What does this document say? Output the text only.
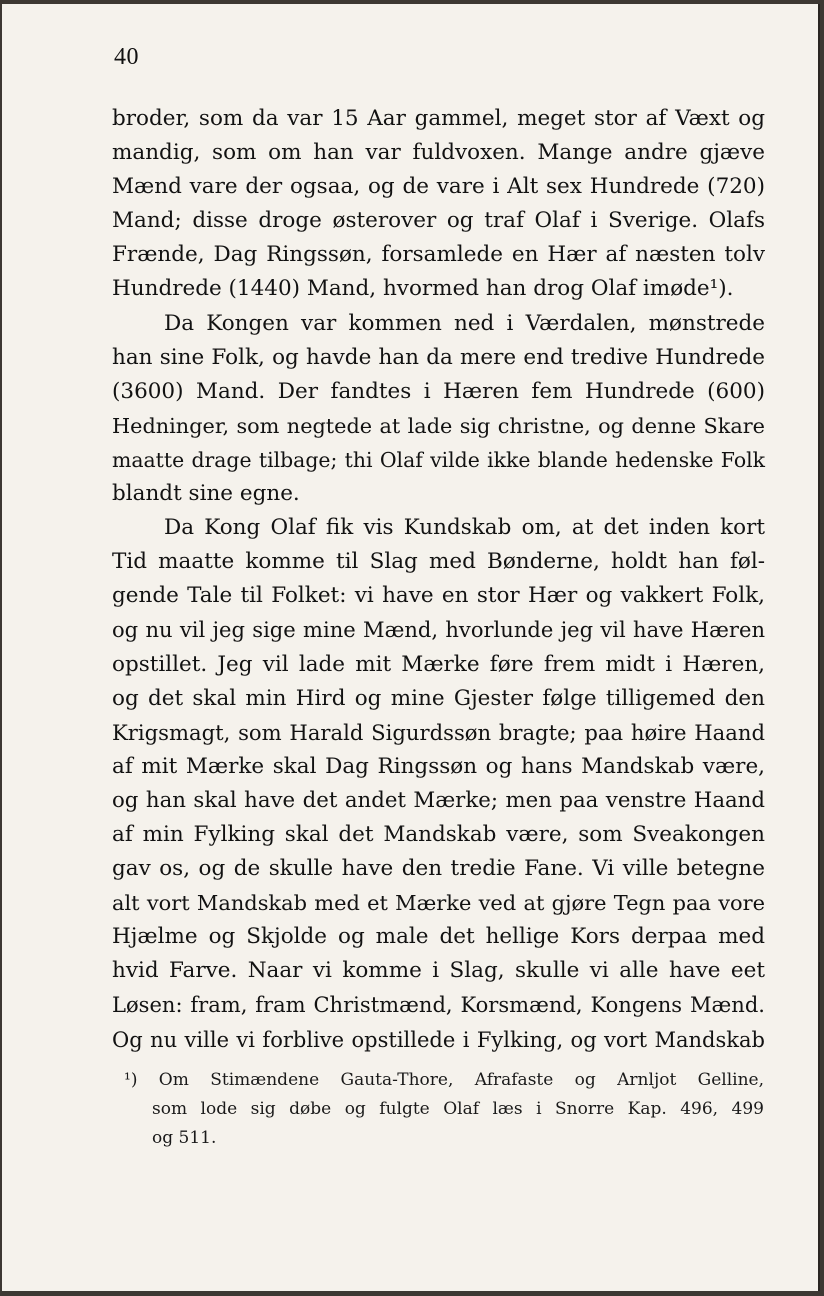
40
broder, som da var 15 Aar gammel, meget stor af Væxt og
mandig, som om han var fuldvoxen. Mange andre gjæve
Mænd vare der ogsaa, og de vare i Alt sex Hundrede (720)
Mand; disse droge østerover og traf Olaf i Sverige. Olafs
Frænde, Dag Ringssøn, forsamlede en Hær af næsten tolv
Hundrede (1440) Mand, hvormed han drog Olaf imøde¹).
Da Kongen var kommen ned i Værdalen, mønstrede
han sine Folk, og havde han da mere end tredive Hundrede
(3600) Mand. Der fandtes i Hæren fem Hundrede (600)
Hedninger, som negtede at lade sig christne, og denne Skare
maatte drage tilbage; thi Olaf vilde ikke blande hedenske Folk
blandt sine egne.
Da Kong Olaf fik vis Kundskab om, at det inden kort
Tid maatte komme til Slag med Bønderne, holdt han føl-
gende Tale til Folket: vi have en stor Hær og vakkert Folk,
og nu vil jeg sige mine Mænd, hvorlunde jeg vil have Hæren
opstillet. Jeg vil lade mit Mærke føre frem midt i Hæren,
og det skal min Hird og mine Gjester følge tilligemed den
Krigsmagt, som Harald Sigurdssøn bragte; paa høire Haand
af mit Mærke skal Dag Ringssøn og hans Mandskab være,
og han skal have det andet Mærke; men paa venstre Haand
af min Fylking skal det Mandskab være, som Sveakongen
gav os, og de skulle have den tredie Fane. Vi ville betegne
alt vort Mandskab med et Mærke ved at gjøre Tegn paa vore
Hjælme og Skjolde og male det hellige Kors derpaa med
hvid Farve. Naar vi komme i Slag, skulle vi alle have eet
Løsen: fram, fram Christmænd, Korsmænd, Kongens Mænd.
Og nu ville vi forblive opstillede i Fylking, og vort Mandskab
¹) Om Stimændene Gauta-Thore, Afrafaste og Arnljot Gelline,
som lode sig døbe og fulgte Olaf læs i Snorre Kap. 496, 499
og 511.
